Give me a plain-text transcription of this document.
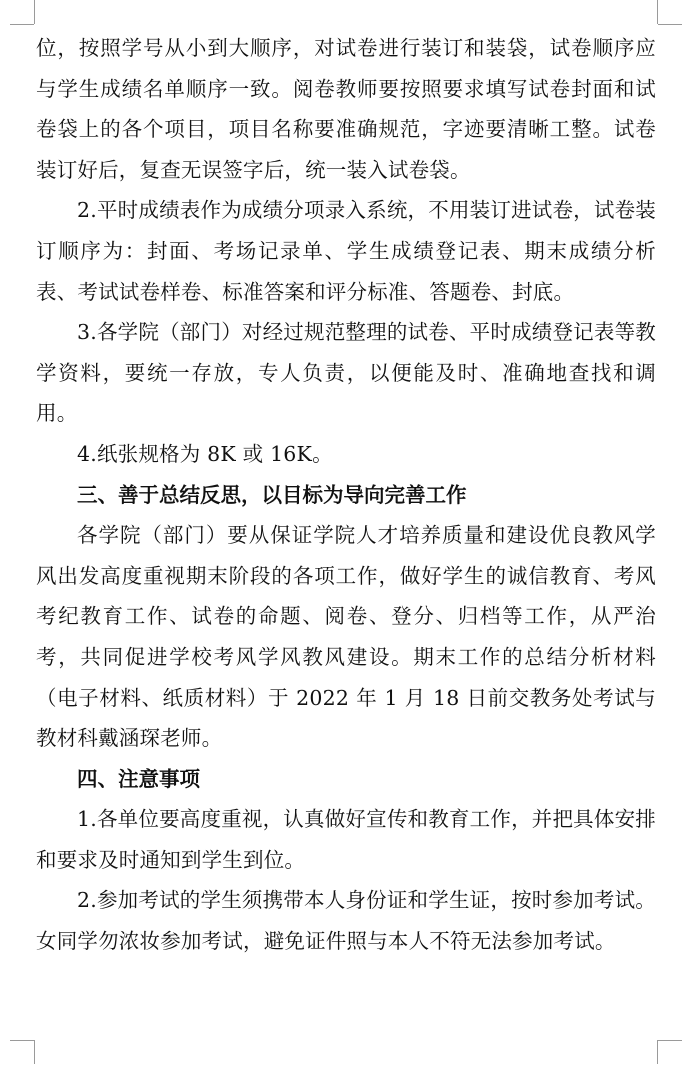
位，按照学号从小到大顺序，对试卷进行装订和装袋，试卷顺序应与学生成绩名单顺序一致。阅卷教师要按照要求填写试卷封面和试卷袋上的各个项目，项目名称要准确规范，字迹要清晰工整。试卷装订好后，复查无误签字后，统一装入试卷袋。

2.平时成绩表作为成绩分项录入系统，不用装订进试卷，试卷装订顺序为：封面、考场记录单、学生成绩登记表、期末成绩分析表、考试试卷样卷、标准答案和评分标准、答题卷、封底。

3.各学院（部门）对经过规范整理的试卷、平时成绩登记表等教学资料，要统一存放，专人负责，以便能及时、准确地查找和调用。

4.纸张规格为 8K 或 16K。

三、善于总结反思，以目标为导向完善工作

各学院（部门）要从保证学院人才培养质量和建设优良教风学风出发高度重视期末阶段的各项工作，做好学生的诚信教育、考风考纪教育工作、试卷的命题、阅卷、登分、归档等工作，从严治考，共同促进学校考风学风教风建设。期末工作的总结分析材料（电子材料、纸质材料）于 2022 年 1 月 18 日前交教务处考试与教材科戴涵琛老师。

四、注意事项

1.各单位要高度重视，认真做好宣传和教育工作，并把具体安排和要求及时通知到学生到位。

2.参加考试的学生须携带本人身份证和学生证，按时参加考试。女同学勿浓妆参加考试，避免证件照与本人不符无法参加考试。
